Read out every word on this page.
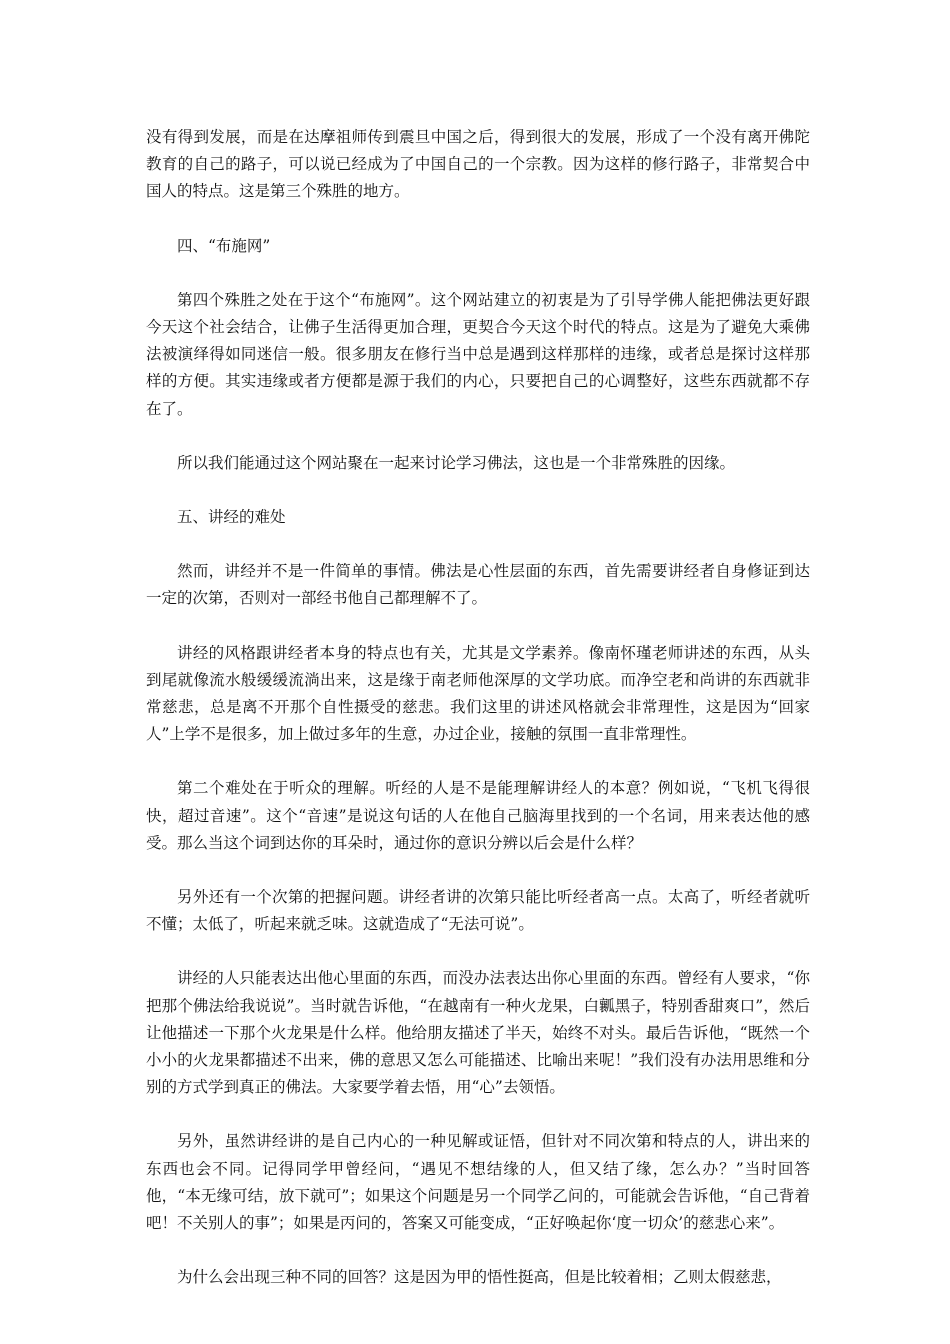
没有得到发展，而是在达摩祖师传到震旦中国之后，得到很大的发展，形成了一个没有离开佛陀教育的自己的路子，可以说已经成为了中国自己的一个宗教。因为这样的修行路子，非常契合中国人的特点。这是第三个殊胜的地方。

四、“布施网”

第四个殊胜之处在于这个“布施网”。这个网站建立的初衷是为了引导学佛人能把佛法更好跟今天这个社会结合，让佛子生活得更加合理，更契合今天这个时代的特点。这是为了避免大乘佛法被演绎得如同迷信一般。很多朋友在修行当中总是遇到这样那样的违缘，或者总是探讨这样那样的方便。其实违缘或者方便都是源于我们的内心，只要把自己的心调整好，这些东西就都不存在了。

所以我们能通过这个网站聚在一起来讨论学习佛法，这也是一个非常殊胜的因缘。

五、讲经的难处

然而，讲经并不是一件简单的事情。佛法是心性层面的东西，首先需要讲经者自身修证到达一定的次第，否则对一部经书他自己都理解不了。

讲经的风格跟讲经者本身的特点也有关，尤其是文学素养。像南怀瑾老师讲述的东西，从头到尾就像流水般缓缓流淌出来，这是缘于南老师他深厚的文学功底。而净空老和尚讲的东西就非常慈悲，总是离不开那个自性摄受的慈悲。我们这里的讲述风格就会非常理性，这是因为“回家人”上学不是很多，加上做过多年的生意，办过企业，接触的氛围一直非常理性。

第二个难处在于听众的理解。听经的人是不是能理解讲经人的本意？例如说，“飞机飞得很快，超过音速”。这个“音速”是说这句话的人在他自己脑海里找到的一个名词，用来表达他的感受。那么当这个词到达你的耳朵时，通过你的意识分辨以后会是什么样？

另外还有一个次第的把握问题。讲经者讲的次第只能比听经者高一点。太高了，听经者就听不懂；太低了，听起来就乏味。这就造成了“无法可说”。

讲经的人只能表达出他心里面的东西，而没办法表达出你心里面的东西。曾经有人要求，“你把那个佛法给我说说”。当时就告诉他，“在越南有一种火龙果，白瓤黑子，特别香甜爽口”，然后让他描述一下那个火龙果是什么样。他给朋友描述了半天，始终不对头。最后告诉他，“既然一个小小的火龙果都描述不出来，佛的意思又怎么可能描述、比喻出来呢！”我们没有办法用思维和分别的方式学到真正的佛法。大家要学着去悟，用“心”去领悟。

另外，虽然讲经讲的是自己内心的一种见解或证悟，但针对不同次第和特点的人，讲出来的东西也会不同。记得同学甲曾经问，“遇见不想结缘的人，但又结了缘，怎么办？”当时回答他，“本无缘可结，放下就可”；如果这个问题是另一个同学乙问的，可能就会告诉他，“自己背着吧！不关别人的事”；如果是丙问的，答案又可能变成，“正好唤起你‘度一切众’的慈悲心来”。

为什么会出现三种不同的回答？这是因为甲的悟性挺高，但是比较着相；乙则太假慈悲，
